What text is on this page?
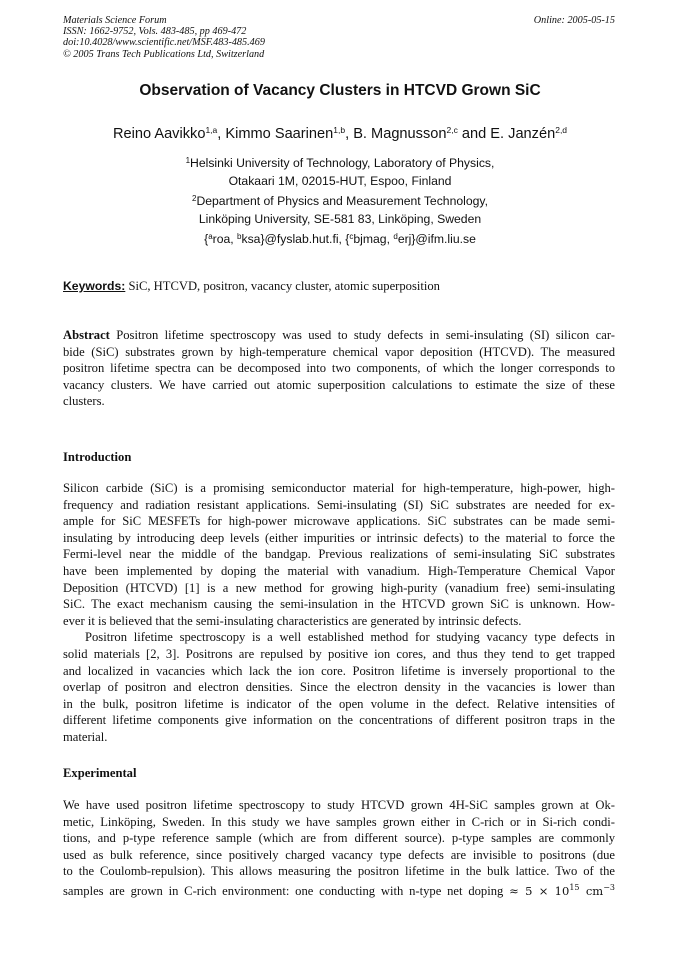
Materials Science Forum
ISSN: 1662-9752, Vols. 483-485, pp 469-472
doi:10.4028/www.scientific.net/MSF.483-485.469
© 2005 Trans Tech Publications Ltd, Switzerland
Online: 2005-05-15
Observation of Vacancy Clusters in HTCVD Grown SiC
Reino Aavikko$^{1,a}$, Kimmo Saarinen$^{1,b}$, B. Magnusson$^{2,c}$ and E. Janzén$^{2,d}$
$^1$Helsinki University of Technology, Laboratory of Physics,
Otakaari 1M, 02015-HUT, Espoo, Finland
$^2$Department of Physics and Measurement Technology,
Linköping University, SE-581 83, Linköping, Sweden
{$^a$roa, $^b$ksa}@fyslab.hut.fi, {$^c$bjmag, $^d$erj}@ifm.liu.se
Keywords: SiC, HTCVD, positron, vacancy cluster, atomic superposition
Abstract Positron lifetime spectroscopy was used to study defects in semi-insulating (SI) silicon car-
bide (SiC) substrates grown by high-temperature chemical vapor deposition (HTCVD). The measured
positron lifetime spectra can be decomposed into two components, of which the longer corresponds to
vacancy clusters. We have carried out atomic superposition calculations to estimate the size of these
clusters.
Introduction
Silicon carbide (SiC) is a promising semiconductor material for high-temperature, high-power, high-
frequency and radiation resistant applications. Semi-insulating (SI) SiC substrates are needed for ex-
ample for SiC MESFETs for high-power microwave applications. SiC substrates can be made semi-
insulating by introducing deep levels (either impurities or intrinsic defects) to the material to force the
Fermi-level near the middle of the bandgap. Previous realizations of semi-insulating SiC substrates
have been implemented by doping the material with vanadium. High-Temperature Chemical Vapor
Deposition (HTCVD) [1] is a new method for growing high-purity (vanadium free) semi-insulating
SiC. The exact mechanism causing the semi-insulation in the HTCVD grown SiC is unknown. How-
ever it is believed that the semi-insulating characteristics are generated by intrinsic defects.
Positron lifetime spectroscopy is a well established method for studying vacancy type defects in
solid materials [2, 3]. Positrons are repulsed by positive ion cores, and thus they tend to get trapped
and localized in vacancies which lack the ion core. Positron lifetime is inversely proportional to the
overlap of positron and electron densities. Since the electron density in the vacancies is lower than
in the bulk, positron lifetime is indicator of the open volume in the defect. Relative intensities of
different lifetime components give information on the concentrations of different positron traps in the
material.
Experimental
We have used positron lifetime spectroscopy to study HTCVD grown 4H-SiC samples grown at Ok-
metic, Linköping, Sweden. In this study we have samples grown either in C-rich or in Si-rich condi-
tions, and p-type reference sample (which are from different source). p-type samples are commonly
used as bulk reference, since positively charged vacancy type defects are invisible to positrons (due
to the Coulomb-repulsion). This allows measuring the positron lifetime in the bulk lattice. Two of the
samples are grown in C-rich environment: one conducting with n-type net doping ≈ $5 \times 10^{15}$ $cm^{-3}$
